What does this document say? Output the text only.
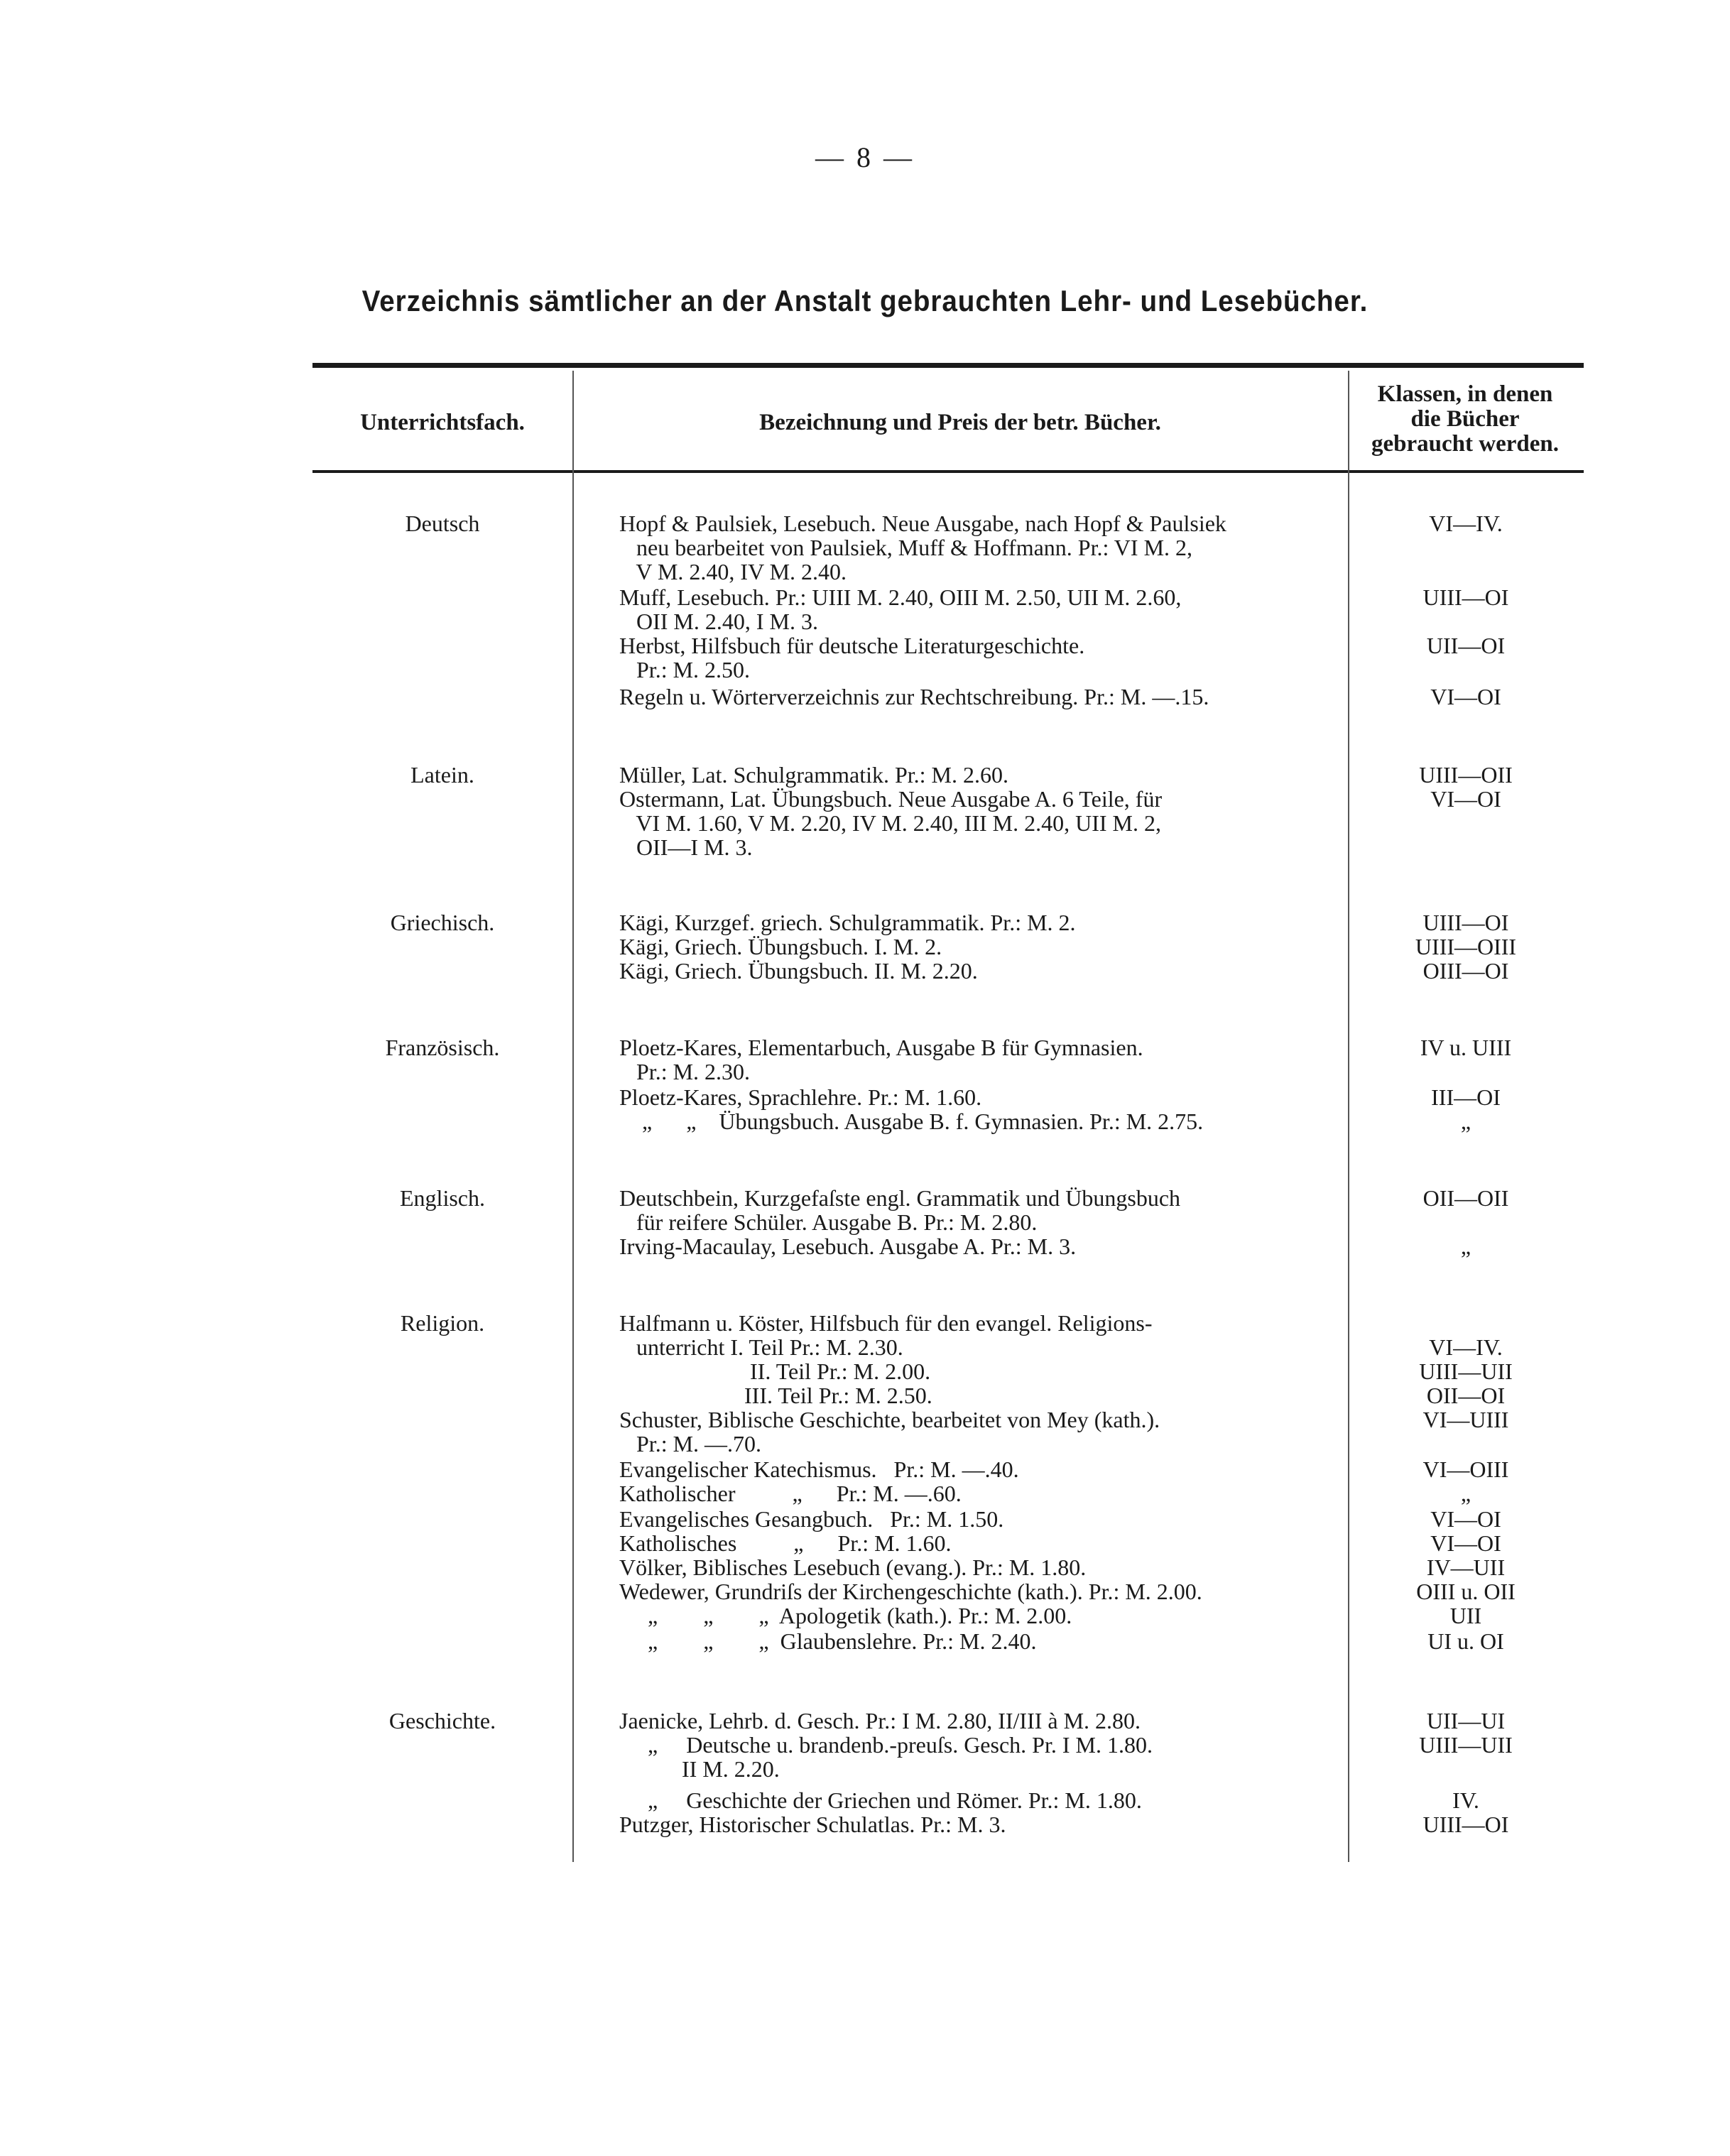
— 8 —
Verzeichnis sämtlicher an der Anstalt gebrauchten Lehr- und Lesebücher.
Unterrichtsfach.	Bezeichnung und Preis der betr. Bücher.
Klassen, in denen
die Bücher
gebraucht werden.
Deutsch	Hopf & Paulsiek, Lesebuch. Neue Ausgabe, nach Hopf & Paulsiek
neu bearbeitet von Paulsiek, Muff & Hoffmann. Pr.: VI M. 2,
V M. 2.40, IV M. 2.40.
VI—IV.
Muff, Lesebuch. Pr.: UIII M. 2.40, OIII M. 2.50, UII M. 2.60,
OII M. 2.40, I M. 3.
UIII—OI
Herbst, Hilfsbuch für deutsche Literaturgeschichte.
Pr.: M. 2.50.
UII—OI
Regeln u. Wörterverzeichnis zur Rechtschreibung. Pr.: M. —.15.	VI—OI
Latein.	Müller, Lat. Schulgrammatik. Pr.: M. 2.60.	UIII—OII
Ostermann, Lat. Übungsbuch. Neue Ausgabe A. 6 Teile, für
VI M. 1.60, V M. 2.20, IV M. 2.40, III M. 2.40, UII M. 2,
OII—I M. 3.
VI—OI
Griechisch.	Kägi, Kurzgef. griech. Schulgrammatik. Pr.: M. 2.	UIII—OI
Kägi, Griech. Übungsbuch. I. M. 2.	UIII—OIII
Kägi, Griech. Übungsbuch. II. M. 2.20.	OIII—OI
Französisch.	Ploetz-Kares, Elementarbuch, Ausgabe B für Gymnasien.
Pr.: M. 2.30.
IV u. UIII
Ploetz-Kares, Sprachlehre. Pr.: M. 1.60.	III—OI
„      „    Übungsbuch. Ausgabe B. f. Gymnasien. Pr.: M. 2.75.	„
Englisch.	Deutschbein, Kurzgefaſste engl. Grammatik und Übungsbuch
für reifere Schüler. Ausgabe B. Pr.: M. 2.80.
OII—OII
Irving-Macaulay, Lesebuch. Ausgabe A. Pr.: M. 3.	„
Religion.	Halfmann u. Köster, Hilfsbuch für den evangel. Religions-
unterricht I. Teil Pr.: M. 2.30.	VI—IV.
II. Teil Pr.: M. 2.00.	UIII—UII
III. Teil Pr.: M. 2.50.	OII—OI
Schuster, Biblische Geschichte, bearbeitet von Mey (kath.).
Pr.: M. —.70.
VI—UIII
Evangelischer Katechismus.   Pr.: M. —.40.	VI—OIII
Katholischer          „      Pr.: M. —.60.	„
Evangelisches Gesangbuch.   Pr.: M. 1.50.	VI—OI
Katholisches          „      Pr.: M. 1.60.	VI—OI
Völker, Biblisches Lesebuch (evang.). Pr.: M. 1.80.	IV—UII
Wedewer, Grundriſs der Kirchengeschichte (kath.). Pr.: M. 2.00.	OIII u. OII
„        „        „  Apologetik (kath.). Pr.: M. 2.00.	UII
„        „        „  Glaubenslehre. Pr.: M. 2.40.	UI u. OI
Geschichte.	Jaenicke, Lehrb. d. Gesch. Pr.: I M. 2.80, II/III à M. 2.80.	UII—UI
„     Deutsche u. brandenb.-preuſs. Gesch. Pr. I M. 1.80.
II M. 2.20.
UIII—UII
„     Geschichte der Griechen und Römer. Pr.: M. 1.80.	IV.
Putzger, Historischer Schulatlas. Pr.: M. 3.	UIII—OI
